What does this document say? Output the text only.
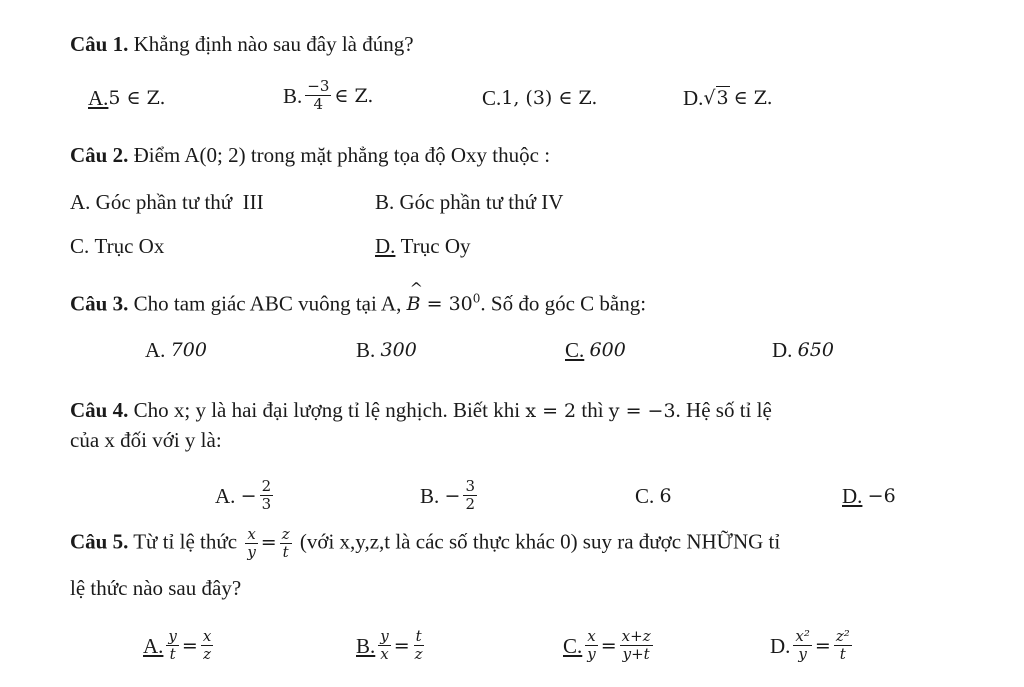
Câu 1. Khẳng định nào sau đây là đúng?
A. 5 ∈ Z.	B. $\frac{-3}{4}$ ∈ Z.	C. 1, (3) ∈ Z.	D. √3 ∈ Z.
Câu 2. Điểm A(0; 2) trong mặt phẳng tọa độ Oxy thuộc :
A.
Góc phần tư thứ  III	B.
Góc phần tư thứ IV
C.
Trục Ox	D.
Trục Oy
Câu 3. Cho tam giác ABC vuông tại A, ^ $B = 30^0$. Số đo góc C bằng:
A.
70 0	B.
30 0	C.
60 0	D.
65 0
Câu 4. Cho x; y là hai đại lượng tỉ lệ nghịch. Biết khi x = 2 thì y = −3. Hệ số tỉ lệ
của x đối với y là:
A.
− $\frac{2}{3}$	B.
− $\frac{3}{2}$	C.
6	D.
−6
Câu 5. Từ tỉ lệ thức $\frac{x}{y} = \frac{z}{t}$ (với x,y,z,t là các số thực khác 0) suy ra được NHỮNG tỉ
lệ thức nào sau đây?
A. $\frac{y}{t} = \frac{x}{z}$	B. $\frac{y}{x} = \frac{t}{z}$	C. $\frac{x}{y} = \frac{x+z}{y+t}$	D. $\frac{\text{x²}}{y} = \frac{\text{z²}}{t}$
